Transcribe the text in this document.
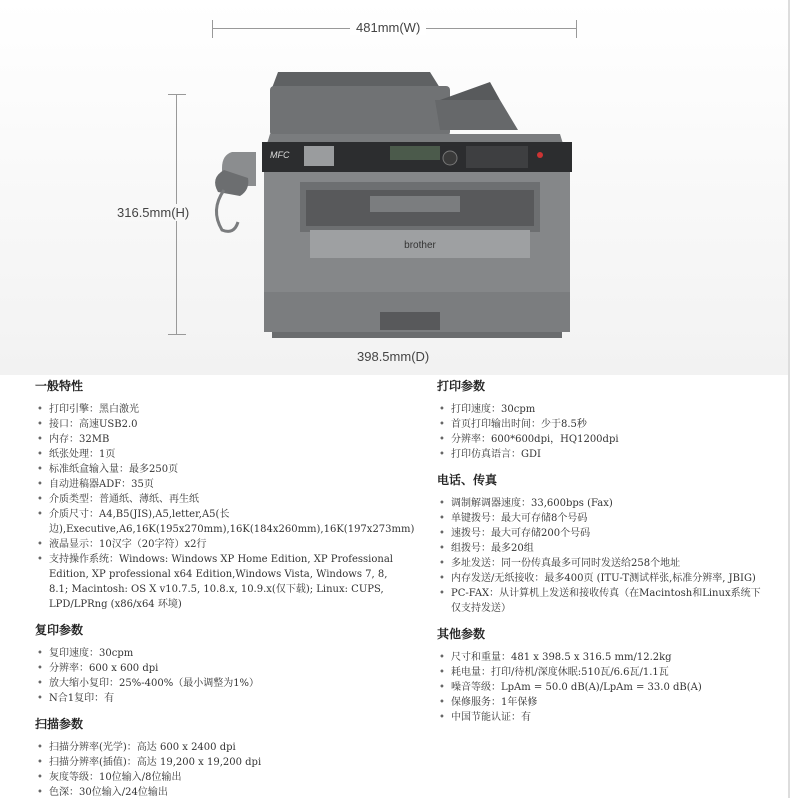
481mm(W)
316.5mm(H)
398.5mm(D)
MFC
brother
一般特性
• 打印引擎：黑白激光
• 接口：高速USB2.0
• 内存：32MB
• 纸张处理：1页
• 标准纸盒输入量：最多250页
• 自动进稿器ADF：35页
• 介质类型：普通纸、薄纸、再生纸
• 介质尺寸：A4,B5(JIS),A5,letter,A5(长边),Executive,A6,16K(195x270mm),16K(184x260mm),16K(197x273mm)
• 液晶显示：10汉字（20字符）x2行
• 支持操作系统：Windows: Windows XP Home Edition, XP Professional Edition, XP professional x64 Edition,Windows Vista, Windows 7, 8, 8.1; Macintosh: OS X v10.7.5, 10.8.x, 10.9.x(仅下载); Linux: CUPS, LPD/LPRng (x86/x64 环境)
复印参数
• 复印速度：30cpm
• 分辨率：600 x 600 dpi
• 放大缩小复印：25%-400%（最小调整为1%）
• N合1复印：有
扫描参数
• 扫描分辨率(光学)：高达 600 x 2400 dpi
• 扫描分辨率(插值)：高达 19,200 x 19,200 dpi
• 灰度等级：10位输入/8位输出
• 色深：30位输入/24位输出
打印参数
• 打印速度：30cpm
• 首页打印输出时间：少于8.5秒
• 分辨率：600*600dpi，HQ1200dpi
• 打印仿真语言：GDI
电话、传真
• 调制解调器速度：33,600bps (Fax)
• 单键拨号：最大可存储8个号码
• 速拨号：最大可存储200个号码
• 组拨号：最多20组
• 多址发送：同一份传真最多可同时发送给258个地址
• 内存发送/无纸接收：最多400页 (ITU-T测试样张,标准分辨率, JBIG)
• PC-FAX：从计算机上发送和接收传真（在Macintosh和Linux系统下仅支持发送）
其他参数
• 尺寸和重量：481 x 398.5 x 316.5 mm/12.2kg
• 耗电量：打印/待机/深度休眠:510瓦/6.6瓦/1.1瓦
• 噪音等级：LpAm = 50.0 dB(A)/LpAm = 33.0 dB(A)
• 保修服务：1年保修
• 中国节能认证：有
